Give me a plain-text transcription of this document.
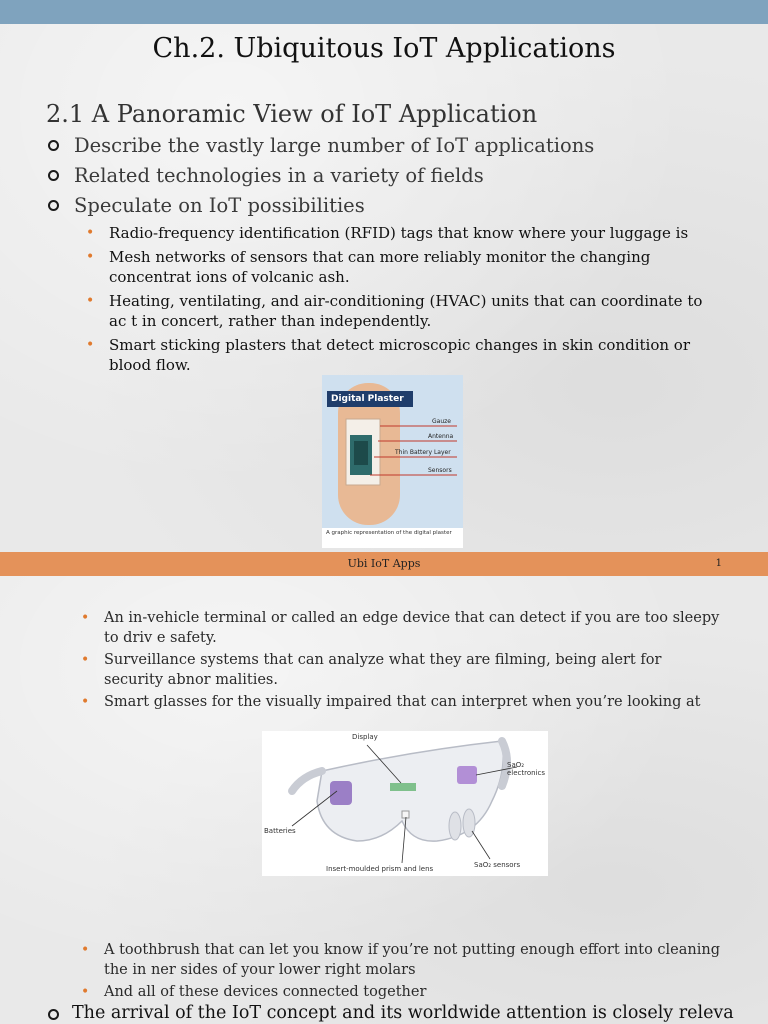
Ch.2. Ubiquitous IoT Applications
2.1 A Panoramic View of IoT Application
Describe the vastly large number of IoT applications
Related technologies in a variety of fields
Speculate on IoT possibilities
• Radio-frequency identification (RFID) tags that know where your luggage is
• Mesh networks of sensors that can more reliably monitor the changing concentrat ions of volcanic ash.
• Heating, ventilating, and air-conditioning (HVAC) units that can coordinate to ac t in concert, rather than independently.
• Smart sticking plasters that detect microscopic changes in skin condition or blood flow.
Digital Plaster
Gauze
Antenna
Thin Battery Layer
Sensors
A graphic representation of the digital plaster
Ubi IoT Apps	1
• An in-vehicle terminal or called an edge device that can detect if you are too sleepy to driv e safety.
• Surveillance systems that can analyze what they are filming, being alert for security abnor malities.
• Smart glasses for the visually impaired that can interpret when you’re looking at
Display
SaO₂ electronics
Batteries
Insert-moulded prism and lens	SaO₂ sensors
• A toothbrush that can let you know if you’re not putting enough effort into cleaning the in ner sides of your lower right molars
• And all of these devices connected together
The arrival of the IoT concept and its worldwide attention is closely releva
